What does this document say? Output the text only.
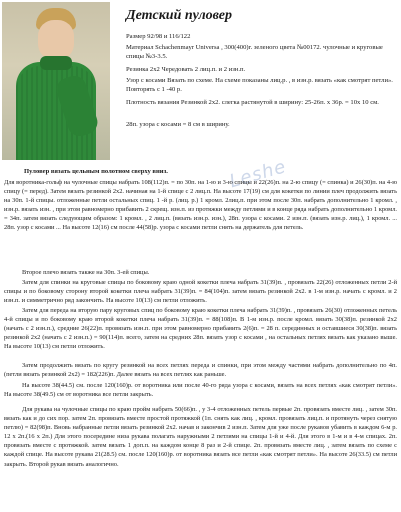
Детский пуловер
Размер 92/98 и 116/122
Материал Schachenmayr Universa , 300(400)г. зеленого цвета №00172. чулочные и круговые спицы №3-3.5.
Резинка 2x2 Чередовать 2 лиц.п. и 2 изн.п.
Узор с косами Вязать по схеме. На схеме показаны лиц.р. , в изн.р. вязать «как смотрят петли». Повторять с 1 -40 р.
Плотность вязания Резинкой 2x2. слегка растянутой в ширину: 25-26п. x 36р. = 10x 10 см.
28п. узора с косами = 8 см в ширину.
Leshe
Пуловер вязать цельным полотном сверху вниз.
Для воротника-гольф на чулочные спицы набрать 108(112)п. = по 30п. на 1-ю и 3-ю спицы и 22(26)п. на 2-ю спицу (= спинка) и 26(30)п. на 4-ю спицу (= перед). Затем вязать резинкой 2x2. начиная на 1-й спице с 2 лиц.п. На высоте 17(19) см для кокетки по линии плеч продолжить вязать на 30п. 1-й спицы. отложенные петли остальных спиц. 1 -й р. (лиц. р.) 1 кромл. 2лиц.п. при этом после 30п. набрать дополнительно 1 кромл. , изн.р. вязать изн. , при этом равномерно прибавить 2 скрещ. изн.п. из протяжки между петлями и в конце ряда набрать дополнительно 1 кромл. = 34п. затем вязать следующим образом: 1 кромл. , 2 лиц.п. (вязать изн.р. изн.), 28п. узора с косами. 2 изн.п. (вязать изн.р. лиц.), 1 кромл. ... 28п. узор с косами ... На высоте 12(16) см после 44(58)р. узора с косами петли снять на держатель для петель.
Второе плечо вязать также на 30п. 3-ей спицы.
Затем для спинки на круговые спицы по боковому краю одной кокетки плеча набрать 31(39)п. , провязать 22(26) отложенных петли 2-й спицы и по боковому сторону второй кокетки плеча набрать 31(39)п. = 84(104)п. затем вязать резинкой 2x2. в 1-м изн.р. начать с кромл. и 2 изн.п. и симметрично ряд закончить. На высоте 10(13) см петли отложить.
Затем для переда на вторую пару круговых спиц по боковому краю кокетки плеча набрать 31(39)п. , провязать 26(30) отложенных петель 4-й спицы и по боковому краю второй кокетки плеча набрать 31(39)п. = 88(108)п. В 1-м изн.р. после кромл. вязать 30(38)п. резинкой 2x2 (начать с 2 изн.п.), средние 26(22)п. провязать изн.п. при этом равномерно прибавить 2(6)п. = 28 п. серединных и оставшиеся 30(38)п. вязать резинкой 2x2 (начать с 2 изн.п.) = 90(114)п. всего, затем на средних 28п. вязать узор с косами , на остальных петлях вязать как указано выше. На высоте 10(13) см петли отложить.
Затем продолжить вязать по кругу резинкой на всех петлях переда и спинки, при этом между частями набрать дополнительно по 4п. (петли вязать резинкой 2x2) = 182(226)п. Далее вязать на всех петлях как раньше.
На высоте 38(44.5) см. после 120(160)р. от воротника или после 40-го ряда узора с косами, вязать на всех петлях «как смотрят петли». На высоте 38(49.5) см от воротника все петли закрыть.
Для рукава на чулочные спицы по краю пройм набрать 50(66)п. , у 3-4 отложенных петель первые 2п. провязать вместе лиц. , затем 30п. вязать как и до сих пор. затем 2п. провязать вместе простой протяжкой (1п. снять как лиц. , кромл. провязать лиц.п. и протянуть через снятую петлю) = 82(98)п. Вновь набранные петли вязать резинкой 2x2. начав и закончив 2 изн.п. Затем для уже после рукавов убавить в каждом 6-м р. 12 x 2п.(16 x 2п.) Для этого посередине низа рукава полагать наружными 2 петлями на спицы 1-й и 4-й. Для этого в 1-м и в 4-м спицах. 2п. провязать вместе с протяжкой. затем вязать 1 доп.п. на каждом конце 8 раз и 2-й спице. 2п. провязать вместе лиц. , затем вязать по схеме с каждой спице. На высоте рукава 21(28.5) см. после 120(160)р. от воротника вязать все петли «как смотрят петли». На высоте 26(33.5) см петли закрыть. Второй рукав вязать аналогично.
